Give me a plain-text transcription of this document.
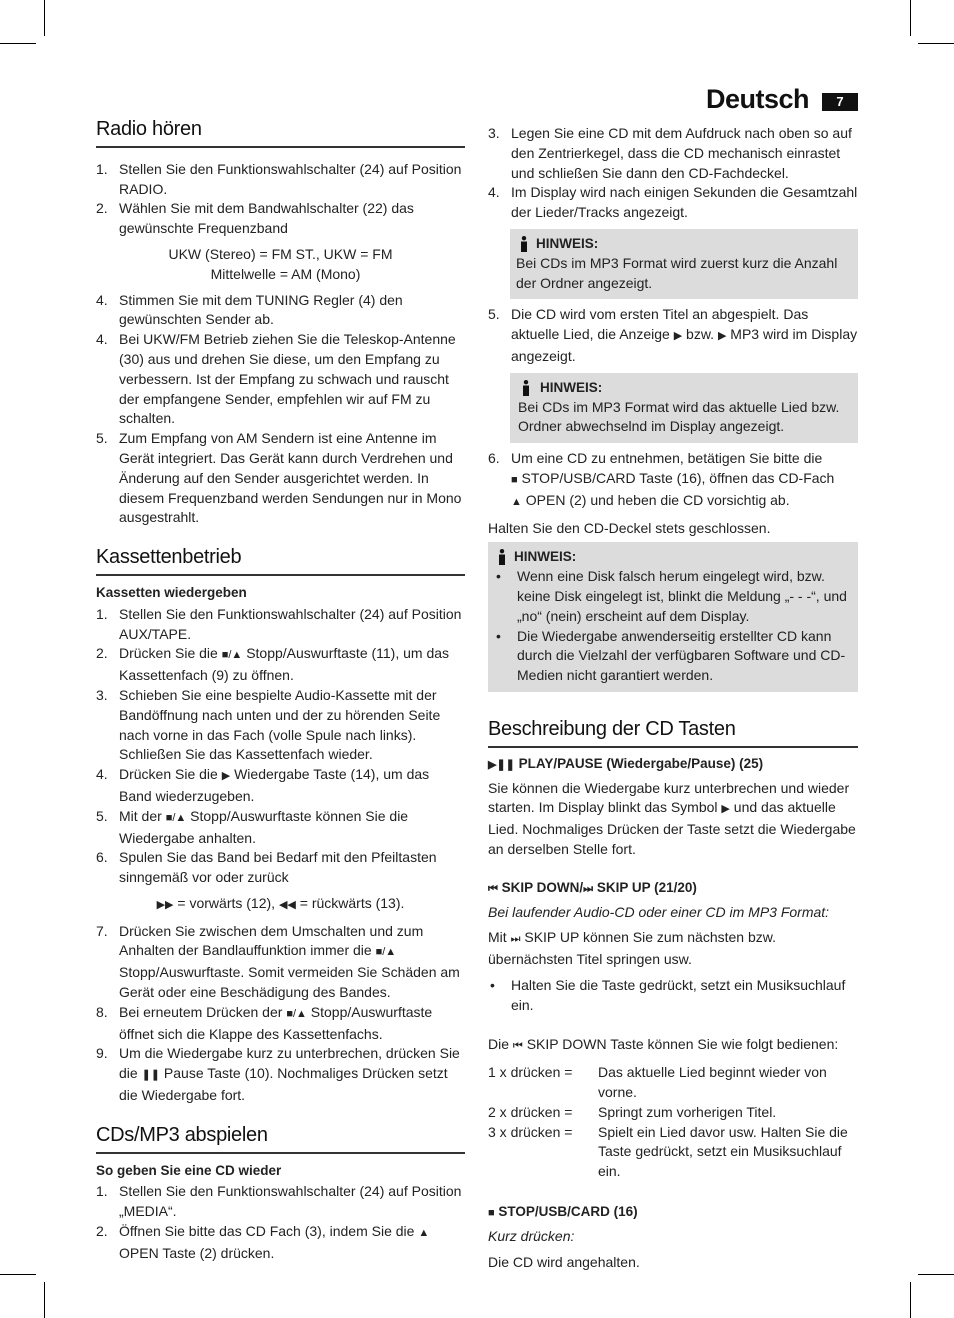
Deutsch	7
Radio hören
1. Stellen Sie den Funktionswahlschalter (24) auf Position RADIO.
2. Wählen Sie mit dem Bandwahlschalter (22) das gewünschte Frequenzband
UKW (Stereo) = FM ST., UKW = FM
Mittelwelle = AM (Mono)
4. Stimmen Sie mit dem TUNING Regler (4) den gewünschten Sender ab.
4. Bei UKW/FM Betrieb ziehen Sie die Teleskop-Antenne (30) aus und drehen Sie diese, um den Empfang zu verbessern. Ist der Empfang zu schwach und rauscht der empfangene Sender, empfehlen wir auf FM zu schalten.
5. Zum Empfang von AM Sendern ist eine Antenne im Gerät integriert. Das Gerät kann durch Verdrehen und Änderung auf den Sender ausgerichtet werden. In diesem Frequenzband werden Sendungen nur in Mono ausgestrahlt.
Kassettenbetrieb

Kassetten wiedergeben

1. Stellen Sie den Funktionswahlschalter (24) auf Position AUX/TAPE.
2. Drücken Sie die ■/▲ Stopp/Auswurftaste (11), um das Kassettenfach (9) zu öffnen.
3. Schieben Sie eine bespielte Audio-Kassette mit der Bandöffnung nach unten und der zu hörenden Seite nach vorne in das Fach (volle Spule nach links). Schließen Sie das Kassettenfach wieder.
4. Drücken Sie die ▶ Wiedergabe Taste (14), um das Band wiederzugeben.
5. Mit der ■/▲ Stopp/Auswurftaste können Sie die Wiedergabe anhalten.
6. Spulen Sie das Band bei Bedarf mit den Pfeiltasten sinngemäß vor oder zurück
▶▶ = vorwärts (12), ◀◀ = rückwärts (13).
7. Drücken Sie zwischen dem Umschalten und zum Anhalten der Bandlauffunktion immer die ■/▲ Stopp/Auswurftaste. Somit vermeiden Sie Schäden am Gerät oder eine Beschädigung des Bandes.
8. Bei erneutem Drücken der ■/▲ Stopp/Auswurftaste öffnet sich die Klappe des Kassettenfachs.
9. Um die Wiedergabe kurz zu unterbrechen, drücken Sie die ❚❚ Pause Taste (10). Nochmaliges Drücken setzt die Wiedergabe fort.
CDs/MP3 abspielen

So geben Sie eine CD wieder

1. Stellen Sie den Funktionswahlschalter (24) auf Position „MEDIA“.
2. Öffnen Sie bitte das CD Fach (3), indem Sie die ▲ OPEN Taste (2) drücken.
3. Legen Sie eine CD mit dem Aufdruck nach oben so auf den Zentrierkegel, dass die CD mechanisch einrastet und schließen Sie dann den CD-Fachdeckel.
4. Im Display wird nach einigen Sekunden die Gesamtzahl der Lieder/Tracks angezeigt.
HINWEIS:
Bei CDs im MP3 Format wird zuerst kurz die Anzahl der Ordner angezeigt.
5. Die CD wird vom ersten Titel an abgespielt. Das aktuelle Lied, die Anzeige ▶ bzw. ▶ MP3 wird im Display angezeigt.
HINWEIS:
Bei CDs im MP3 Format wird das aktuelle Lied bzw. Ordner abwechselnd im Display angezeigt.
6. Um eine CD zu entnehmen, betätigen Sie bitte die
■ STOP/USB/CARD Taste (16), öffnen das CD-Fach
▲ OPEN (2) und heben die CD vorsichtig ab.

Halten Sie den CD-Deckel stets geschlossen.

HINWEIS:
• Wenn eine Disk falsch herum eingelegt wird, bzw. keine Disk eingelegt ist, blinkt die Meldung „- - -“, und „no“ (nein) erscheint auf dem Display.
• Die Wiedergabe anwenderseitig erstellter CD kann durch die Vielzahl der verfügbaren Software und CD-Medien nicht garantiert werden.
Beschreibung der CD Tasten

▶❚❚ PLAY/PAUSE (Wiedergabe/Pause) (25)

Sie können die Wiedergabe kurz unterbrechen und wieder starten. Im Display blinkt das Symbol ▶ und das aktuelle Lied. Nochmaliges Drücken der Taste setzt die Wiedergabe an derselben Stelle fort.

⏮ SKIP DOWN/⏭ SKIP UP (21/20)

Bei laufender Audio-CD oder einer CD im MP3 Format:

Mit ⏭ SKIP UP können Sie zum nächsten bzw. übernächsten Titel springen usw.

• Halten Sie die Taste gedrückt, setzt ein Musiksuchlauf ein.

Die ⏮ SKIP DOWN Taste können Sie wie folgt bedienen:

1 x drücken =	Das aktuelle Lied beginnt wieder von vorne.
2 x drücken =	Springt zum vorherigen Titel.
3 x drücken =	Spielt ein Lied davor usw. Halten Sie die Taste gedrückt, setzt ein Musiksuchlauf ein.

■ STOP/USB/CARD (16)

Kurz drücken:

Die CD wird angehalten.
